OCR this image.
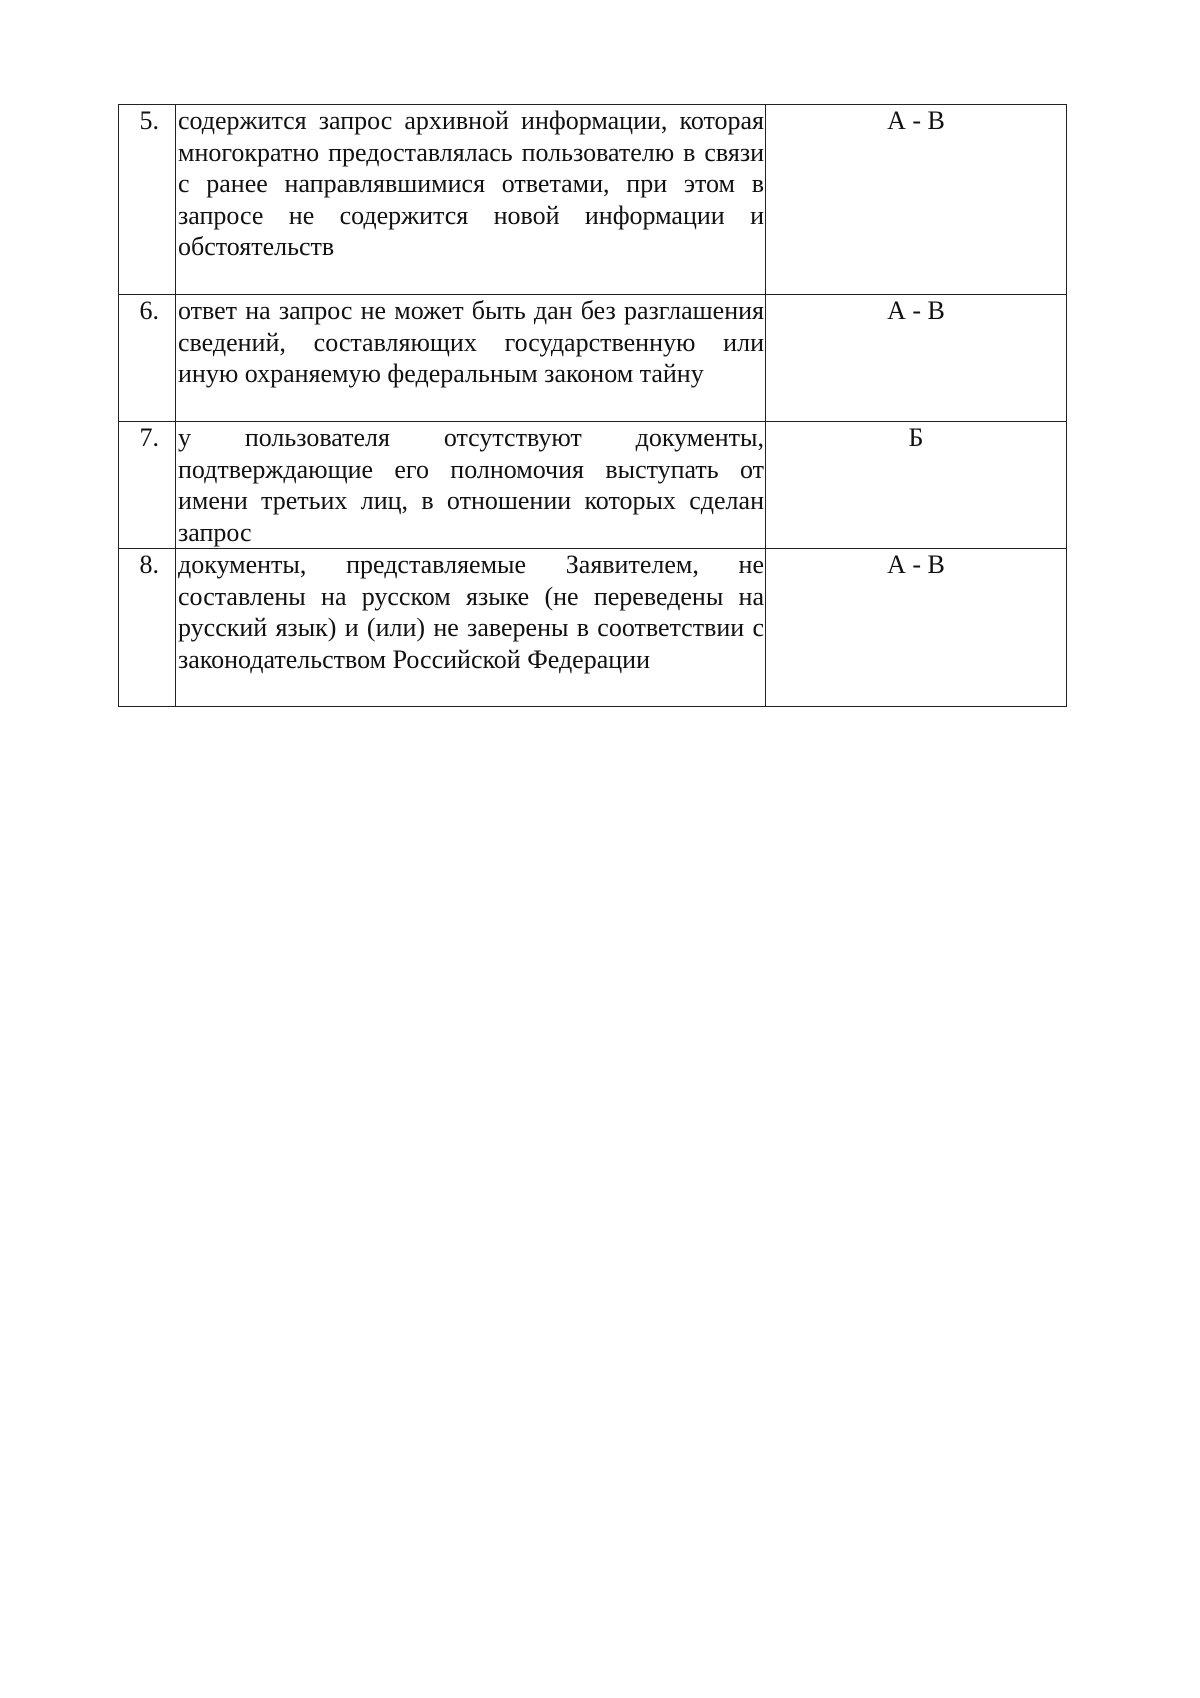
5.	содержится запрос архивной информации, которая многократно предоставлялась пользователю в связи с ранее направлявшимися ответами, при этом в запросе не содержится новой информации и обстоятельств	А - В
6.	ответ на запрос не может быть дан без разглашения сведений, составляющих государственную или иную охраняемую федеральным законом тайну	А - В
7.	у пользователя отсутствуют документы, подтверждающие его полномочия выступать от имени третьих лиц, в отношении которых сделан запрос	Б
8.	документы, представляемые Заявителем, не составлены на русском языке (не переведены на русский язык) и (или) не заверены в соответствии с законодательством Российской Федерации	А - В
